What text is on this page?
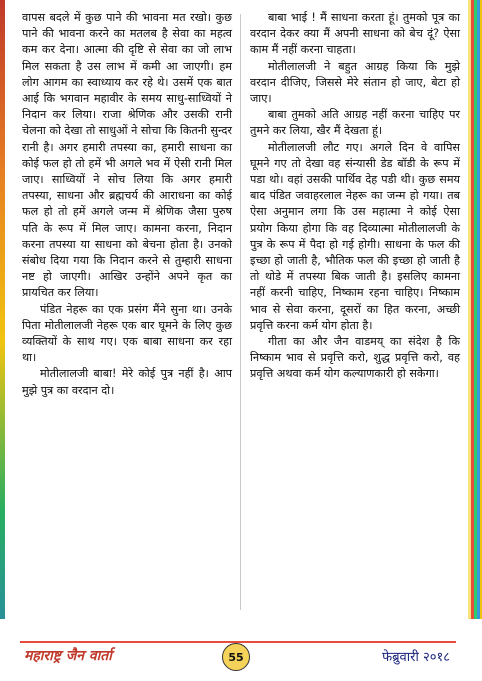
वापस बदले में कुछ पाने की भावना मत रखो। कुछ पाने की भावना करने का मतलब है सेवा का महत्व कम कर देना। आत्मा की दृष्टि से सेवा का जो लाभ मिल सकता है उस लाभ में कमी आ जाएगी। हम लोग आगम का स्वाध्याय कर रहे थे। उसमें एक बात आई कि भगवान महावीर के समय साधु-साध्वियों ने निदान कर लिया। राजा श्रेणिक और उसकी रानी चेलना को देखा तो साधुओं ने सोचा कि कितनी सुन्दर रानी है। अगर हमारी तपस्या का, हमारी साधना का कोई फल हो तो हमें भी अगले भव में ऐसी रानी मिल जाए। साध्वियों ने सोच लिया कि अगर हमारी तपस्या, साधना और ब्रह्मचर्य की आराधना का कोई फल हो तो हमें अगले जन्म में श्रेणिक जैसा पुरुष पति के रूप में मिल जाए। कामना करना, निदान करना तपस्या या साधना को बेचना होता है। उनको संबोध दिया गया कि निदान करने से तुम्हारी साधना नष्ट हो जाएगी। आखिर उन्होंने अपने कृत का प्रायचित कर लिया।

पंडित नेहरू का एक प्रसंग मैंने सुना था। उनके पिता मोतीलालजी नेहरू एक बार घूमने के लिए कुछ व्यक्तियों के साथ गए। एक बाबा साधना कर रहा था।

मोतीलालजी बाबा! मेरे कोई पुत्र नहीं है। आप मुझे पुत्र का वरदान दो।

बाबा भाई ! मैं साधना करता हूं। तुमको पूत्र का वरदान देकर क्या मैं अपनी साधना को बेच दूं? ऐसा काम मैं नहीं करना चाहता।

मोतीलालजी ने बहुत आग्रह किया कि मुझे वरदान दीजिए, जिससे मेरे संतान हो जाए, बेटा हो जाए।

बाबा तुमको अति आग्रह नहीं करना चाहिए पर तुमने कर लिया, खैर मैं देखता हूं।

मोतीलालजी लौट गए। अगले दिन वे वापिस घूमने गए तो देखा वह संन्यासी डेड बॉडी के रूप में पडा थो। वहां उसकी पार्थिव देह पडी थी। कुछ समय बाद पंडित जवाहरलाल नेहरू का जन्म हो गया। तब ऐसा अनुमान लगा कि उस महात्मा ने कोई ऐसा प्रयोग किया होगा कि वह दिव्यात्मा मोतीलालजी के पुत्र के रूप में पैदा हो गई होगी। साधना के फल की इच्छा हो जाती है, भौतिक फल की इच्छा हो जाती है तो थोडे में तपस्या बिक जाती है। इसलिए कामना नहीं करनी चाहिए, निष्काम रहना चाहिए। निष्काम भाव से सेवा करना, दूसरों का हित करना, अच्छी प्रवृत्ति करना कर्म योग होता है।

गीता का और जैन वाडमय् का संदेश है कि निष्काम भाव से प्रवृत्ति करो, शुद्ध प्रवृत्ति करो, वह प्रवृत्ति अथवा कर्म योग कल्याणकारी हो सकेगा।

महाराष्ट्र जैन वार्ता	55	फेब्रुवारी २०१८
